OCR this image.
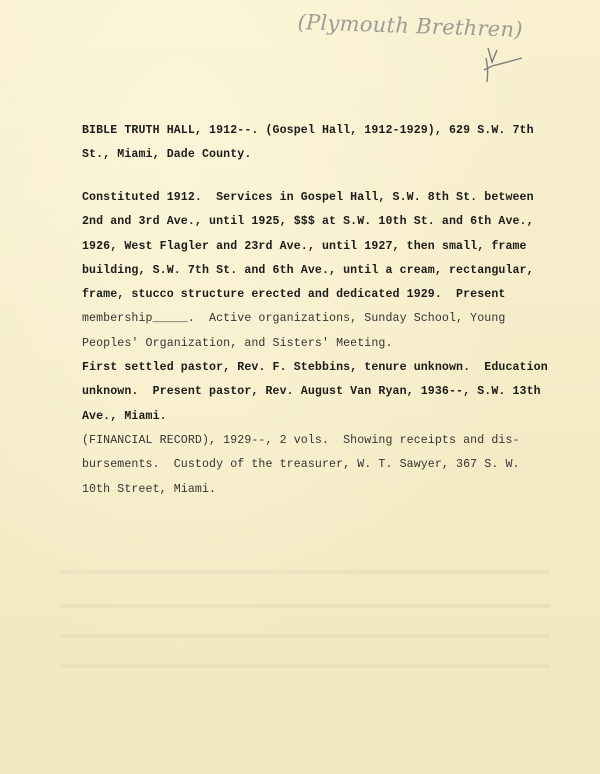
(Plymouth Brethren)
BIBLE TRUTH HALL, 1912--. (Gospel Hall, 1912-1929), 629 S.W. 7th
St., Miami, Dade County.
Constituted 1912.  Services in Gospel Hall, S.W. 8th St. between
2nd and 3rd Ave., until 1925, $$$ at S.W. 10th St. and 6th Ave.,
1926, West Flagler and 23rd Ave., until 1927, then small, frame
building, S.W. 7th St. and 6th Ave., until a cream, rectangular,
frame, stucco structure erected and dedicated 1929.  Present
membership_____.  Active organizations, Sunday School, Young
Peoples' Organization, and Sisters' Meeting.
First settled pastor, Rev. F. Stebbins, tenure unknown.  Education
unknown.  Present pastor, Rev. August Van Ryan, 1936--, S.W. 13th
Ave., Miami.
(FINANCIAL RECORD), 1929--, 2 vols.  Showing receipts and dis-
bursements.  Custody of the treasurer, W. T. Sawyer, 367 S. W.
10th Street, Miami.
